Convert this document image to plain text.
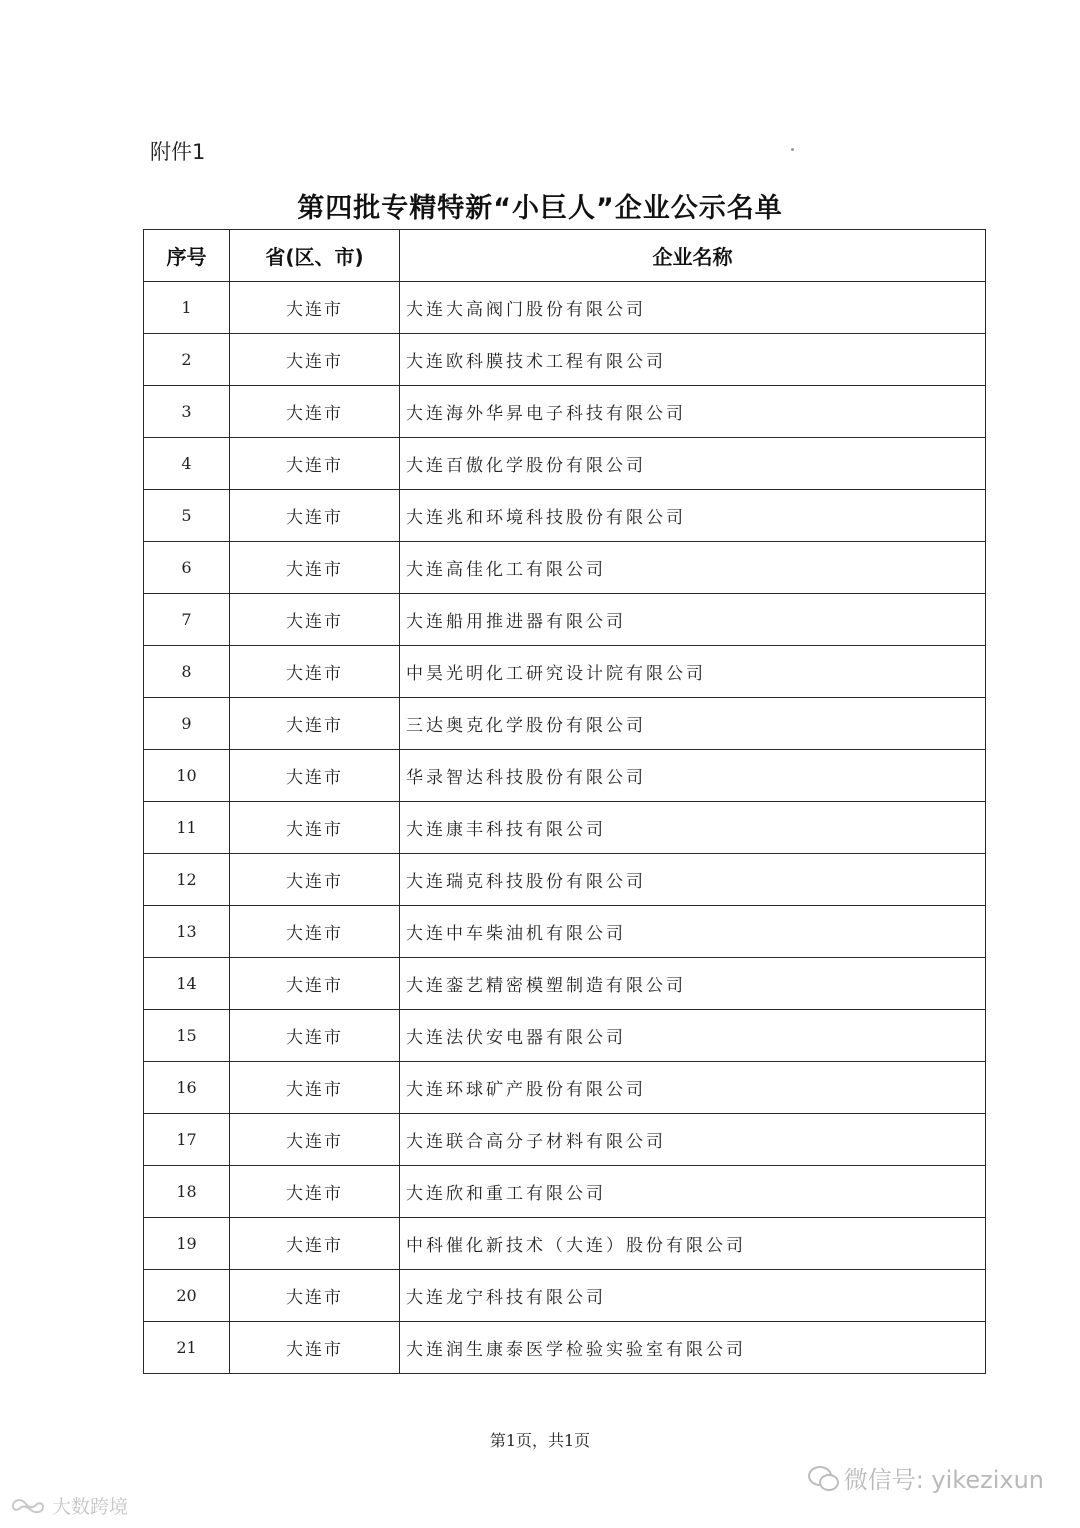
附件1
第四批专精特新“小巨人”企业公示名单
序号	省(区、市)	企业名称
1	大连市	大连大高阀门股份有限公司
2	大连市	大连欧科膜技术工程有限公司
3	大连市	大连海外华昇电子科技有限公司
4	大连市	大连百傲化学股份有限公司
5	大连市	大连兆和环境科技股份有限公司
6	大连市	大连高佳化工有限公司
7	大连市	大连船用推进器有限公司
8	大连市	中昊光明化工研究设计院有限公司
9	大连市	三达奥克化学股份有限公司
10	大连市	华录智达科技股份有限公司
11	大连市	大连康丰科技有限公司
12	大连市	大连瑞克科技股份有限公司
13	大连市	大连中车柴油机有限公司
14	大连市	大连銮艺精密模塑制造有限公司
15	大连市	大连法伏安电器有限公司
16	大连市	大连环球矿产股份有限公司
17	大连市	大连联合高分子材料有限公司
18	大连市	大连欣和重工有限公司
19	大连市	中科催化新技术（大连）股份有限公司
20	大连市	大连龙宁科技有限公司
21	大连市	大连润生康泰医学检验实验室有限公司
第1页，共1页
微信号: yikezixun
大数跨境
